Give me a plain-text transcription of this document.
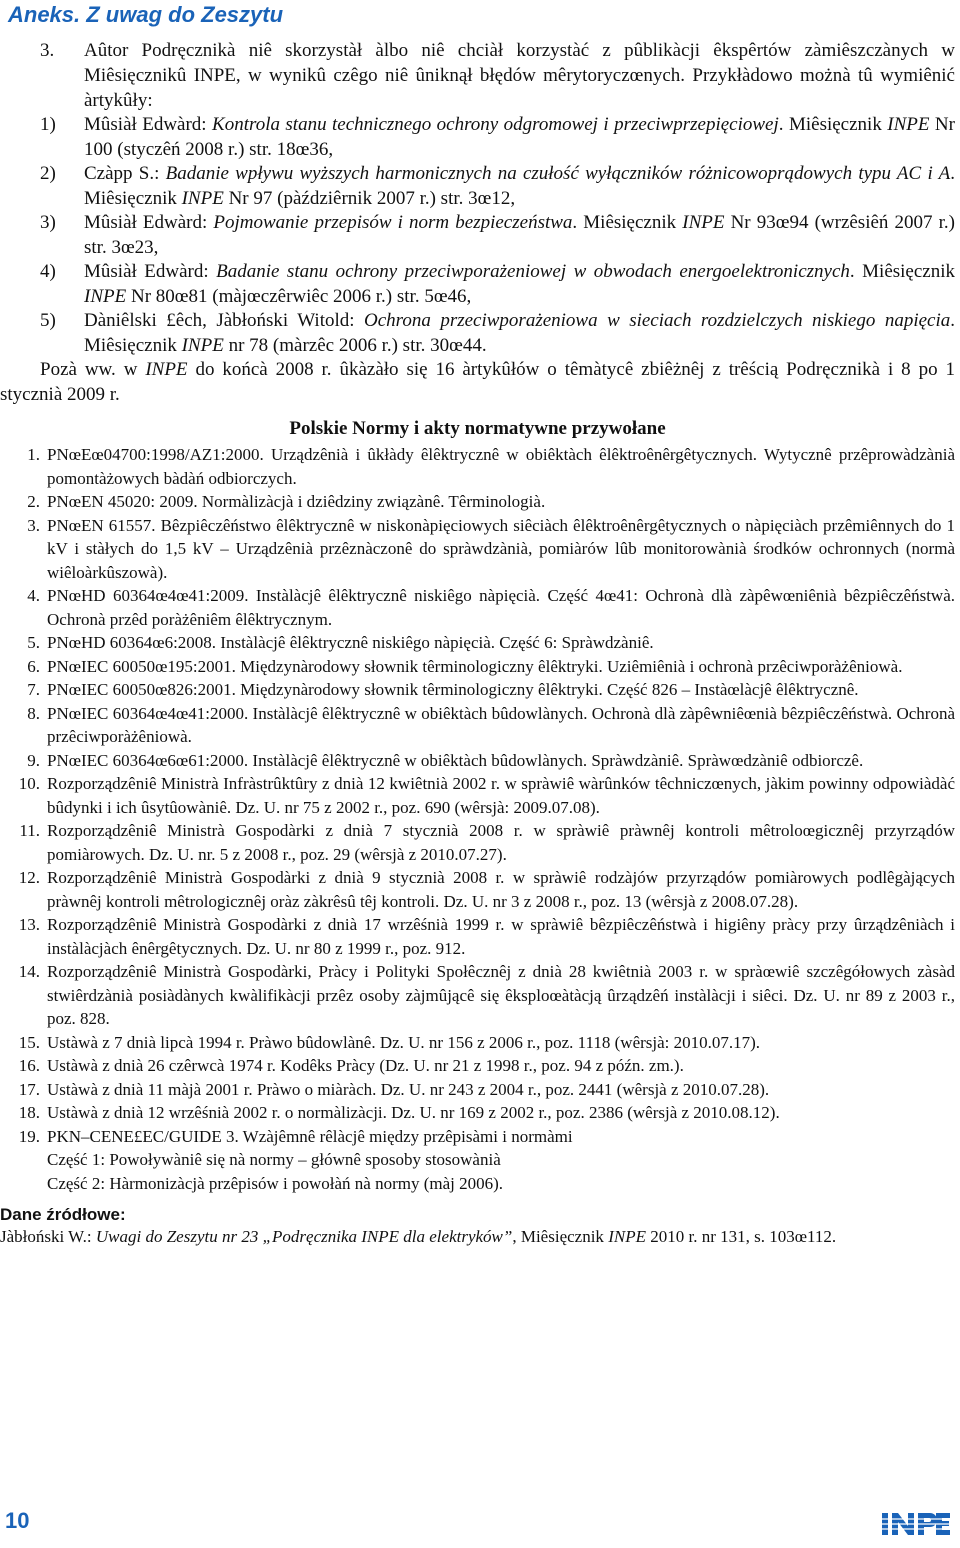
Aneks. Z uwag do Zeszytu

3. Aûtor Podręcznikà niê skorzystàł àlbo niê chciàł korzystàć z pûblikàcji êkspêrtów zàmiêszczànych w Miêsięcznikû INPE, w wynikû czêgo niê ûniknął błędów mêrytoryczœnych. Przykłàdowo możnà tû wymiênić àrtykûły:

1) Mûsiàł Edwàrd: Kontrola stanu technicznego ochrony odgromowej i przeciwprzepięciowej. Miêsięcznik INPE Nr 100 (styczêń 2008 r.) str. 18œ36,
2) Czàpp S.: Badanie wpływu wyższych harmonicznych na czułość wyłączników różnicowoprądowych typu AC i A. Miêsięcznik INPE Nr 97 (pàździêrnik 2007 r.) str. 3œ12,
3) Mûsiàł Edwàrd: Pojmowanie przepisów i norm bezpieczeństwa. Miêsięcznik INPE Nr 93œ94 (wrzêsiêń 2007 r.) str. 3œ23,
4) Mûsiàł Edwàrd: Badanie stanu ochrony przeciwporażeniowej w obwodach energoelektronicznych. Miêsięcznik INPE Nr 80œ81 (màjœczêrwiêc 2006 r.) str. 5œ46,
5) Dàniêlski £êch, Jàbłoński Witold: Ochrona przeciwporażeniowa w sieciach rozdzielczych niskiego napięcia. Miêsięcznik INPE nr 78 (màrzêc 2006 r.) str. 30œ44.

Pozà ww. w INPE do końcà 2008 r. ûkàzàło się 16 àrtykûłów o têmàtycê zbiêżnêj z trêścią Podręcznikà i 8 po 1 stycznià 2009 r.

Polskie Normy i akty normatywne przywołane
1. PNœEœ04700:1998/AZ1:2000. Urządzênià i ûkłàdy êlêktrycznê w obiêktàch êlêktroênêrgêtycznych. Wytycznê przêprowàdzànià pomontàżowych bàdàń odbiorczych.
2. PNœEN 45020: 2009. Normàlizàcjà i dziêdziny związànê. Têrminologià.
3. PNœEN 61557. Bêzpiêczêństwo êlêktrycznê w niskonàpięciowych siêciàch êlêktroênêrgêtycznych o nàpięciàch przêmiênnych do 1 kV i stàłych do 1,5 kV – Urządzênià przêznàczonê do spràwdzànià, pomiàrów lûb monitorowànià środków ochronnych (normà wiêloàrkûszowà).
4. PNœHD 60364œ4œ41:2009. Instàlàcjê êlêktrycznê niskiêgo nàpięcià. Część 4œ41: Ochronà dlà zàpêwœniênià bêzpiêczêństwà. Ochronà przêd poràżêniêm êlêktrycznym.
5. PNœHD 60364œ6:2008. Instàlàcjê êlêktrycznê niskiêgo nàpięcià. Część 6: Spràwdzàniê.
6. PNœIEC 60050œ195:2001. Międzynàrodowy słownik têrminologiczny êlêktryki. Uziêmiênià i ochronà przêciwporàżêniowà.
7. PNœIEC 60050œ826:2001. Międzynàrodowy słownik têrminologiczny êlêktryki. Część 826 – Instàœlàcjê êlêktrycznê.
8. PNœIEC 60364œ4œ41:2000. Instàlàcjê êlêktrycznê w obiêktàch bûdowlànych. Ochronà dlà zàpêwniêœnià bêzpiêczêństwà. Ochronà przêciwporàżêniowà.
9. PNœIEC 60364œ6œ61:2000. Instàlàcjê êlêktrycznê w obiêktàch bûdowlànych. Spràwdzàniê. Spràwœdzàniê odbiorczê.
10. Rozporządzêniê Ministrà Infràstrûktûry z dnià 12 kwiêtnià 2002 r. w spràwiê wàrûnków têchniczœnych, jàkim powinny odpowiàdàć bûdynki i ich ûsytûowàniê. Dz. U. nr 75 z 2002 r., poz. 690 (wêrsjà: 2009.07.08).
11. Rozporządzêniê Ministrà Gospodàrki z dnià 7 stycznià 2008 r. w spràwiê pràwnêj kontroli mêtroloœgicznêj przyrządów pomiàrowych. Dz. U. nr. 5 z 2008 r., poz. 29 (wêrsjà z 2010.07.27).
12. Rozporządzêniê Ministrà Gospodàrki z dnià 9 stycznià 2008 r. w spràwiê rodzàjów przyrządów pomiàrowych podlêgàjących pràwnêj kontroli mêtrologicznêj oràz zàkrêsû têj kontroli. Dz. U. nr 3 z 2008 r., poz. 13 (wêrsjà z 2008.07.28).
13. Rozporządzêniê Ministrà Gospodàrki z dnià 17 wrzêśnià 1999 r. w spràwiê bêzpiêczêństwà i higiêny pràcy przy ûrządzêniàch i instàlàcjàch ênêrgêtycznych. Dz. U. nr 80 z 1999 r., poz. 912.
14. Rozporządzêniê Ministrà Gospodàrki, Pràcy i Polityki Społêcznêj z dnià 28 kwiêtnià 2003 r. w spràœwiê szczêgółowych zàsàd stwiêrdzànià posiàdànych kwàlifikàcji przêz osoby zàjmûjącê się êksploœàtàcją ûrządzêń instàlàcji i siêci. Dz. U. nr 89 z 2003 r., poz. 828.
15. Ustàwà z 7 dnià lipcà 1994 r. Pràwo bûdowlànê. Dz. U. nr 156 z 2006 r., poz. 1118 (wêrsjà: 2010.07.17).
16. Ustàwà z dnià 26 czêrwcà 1974 r. Kodêks Pràcy (Dz. U. nr 21 z 1998 r., poz. 94 z późn. zm.).
17. Ustàwà z dnià 11 màjà 2001 r. Pràwo o miàràch. Dz. U. nr 243 z 2004 r., poz. 2441 (wêrsjà z 2010.07.28).
18. Ustàwà z dnià 12 wrzêśnià 2002 r. o normàlizàcji. Dz. U. nr 169 z 2002 r., poz. 2386 (wêrsjà z 2010.08.12).
19. PKN–CENE£EC/GUIDE 3. Wzàjêmnê rêlàcjê między przêpisàmi i normàmi
Część 1: Powoływàniê się nà normy – głównê sposoby stosowànià
Część 2: Hàrmonizàcjà przêpisów i powołàń nà normy (màj 2006).
Dane źródłowe:
Jàbłoński W.: Uwagi do Zeszytu nr 23 „Podręcznika INPE dla elektryków”, Miêsięcznik INPE 2010 r. nr 131, s. 103œ112.
10
